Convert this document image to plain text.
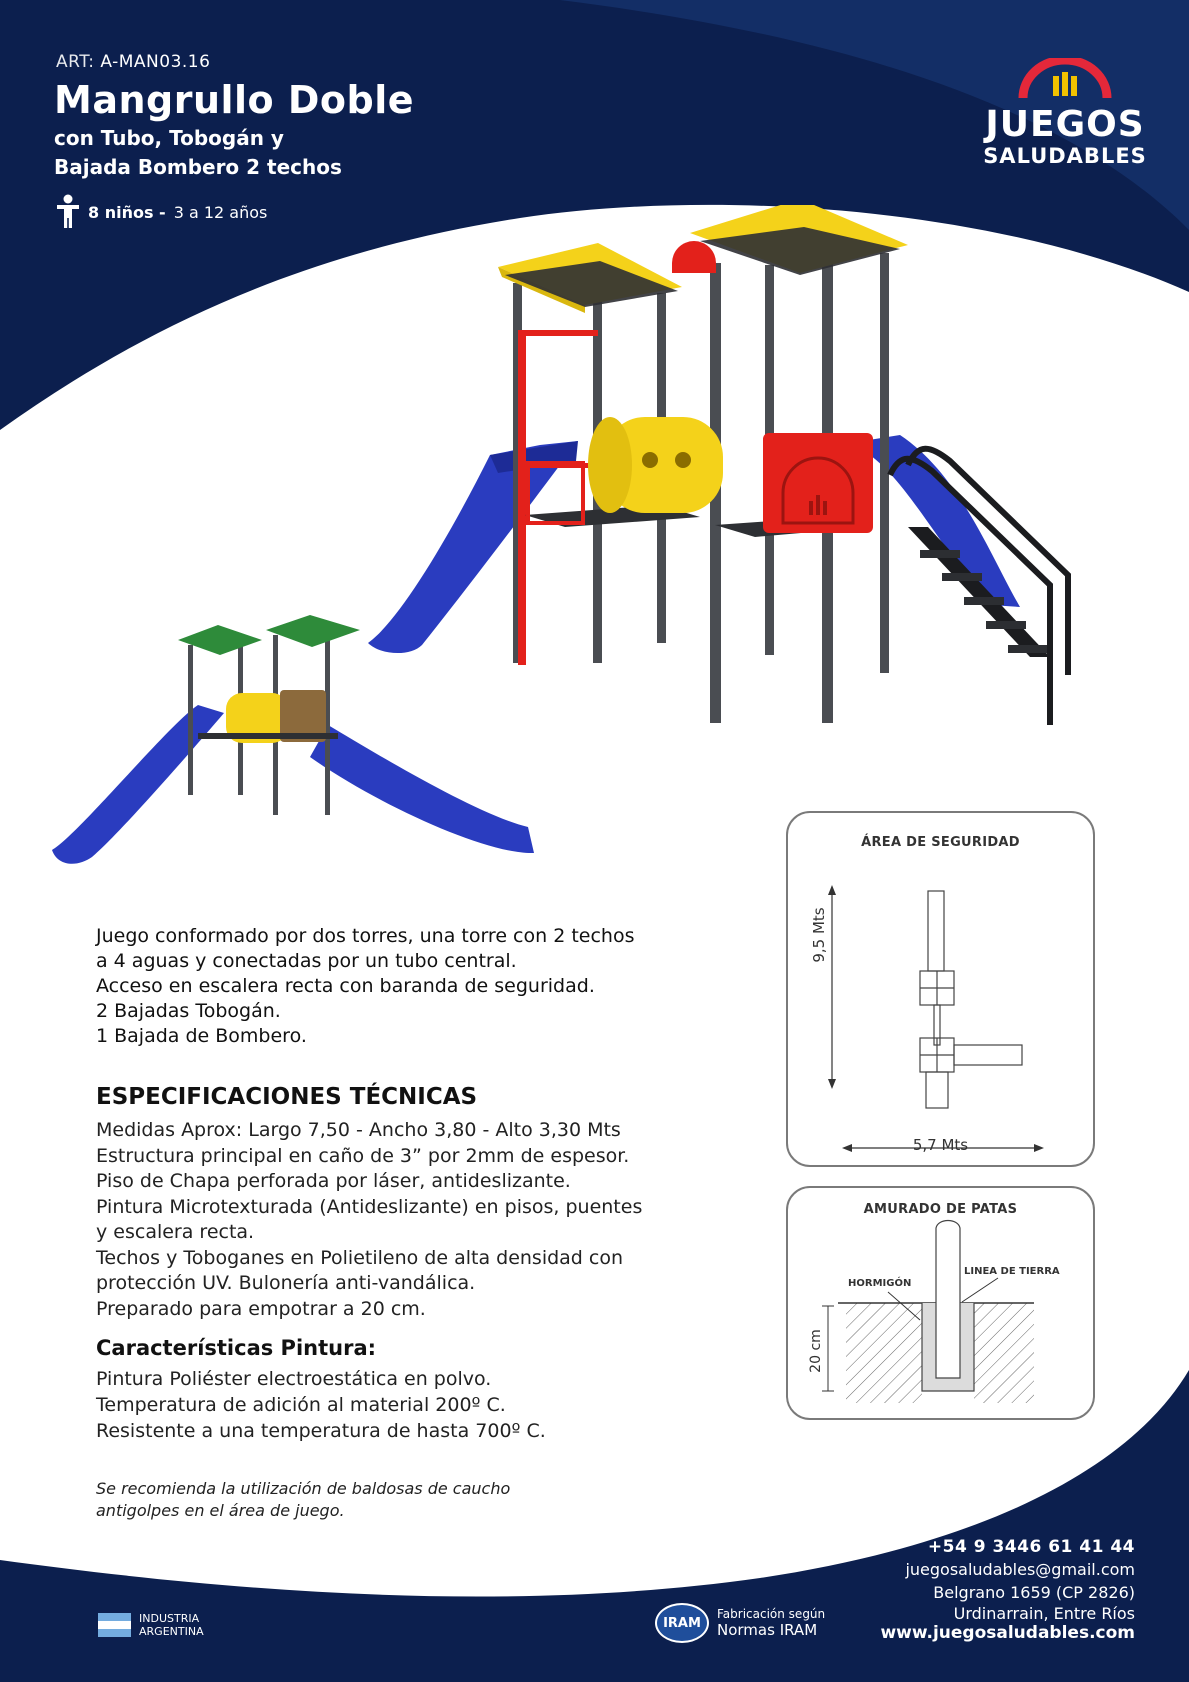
ART: A-MAN03.16
Mangrullo Doble
con Tubo, Tobogán y
Bajada Bombero 2 techos
8 niños - 3 a 12 años
JUEGOS
SALUDABLES
Juego conformado por dos torres, una torre con 2 techos
a 4 aguas y conectadas por un tubo central.
Acceso en escalera recta con baranda de seguridad.
2 Bajadas Tobogán.
1 Bajada de Bombero.
ESPECIFICACIONES TÉCNICAS
Medidas Aprox: Largo 7,50 - Ancho 3,80 - Alto 3,30 Mts
Estructura principal en caño de 3” por 2mm de espesor.
Piso de Chapa perforada por láser, antideslizante.
Pintura Microtexturada (Antideslizante) en pisos, puentes
y escalera recta.
Techos y Toboganes en Polietileno de alta densidad con
protección UV. Bulonería anti-vandálica.
Preparado para empotrar a 20 cm.
Características Pintura:
Pintura Poliéster electroestática en polvo.
Temperatura de adición al material 200º C.
Resistente a una temperatura de hasta 700º C.
Se recomienda la utilización de baldosas de caucho
antigolpes en el área de juego.
ÁREA DE SEGURIDAD
9,5 Mts
5,7 Mts
AMURADO DE PATAS
HORMIGÓN
LINEA DE TIERRA
20 cm
+54 9 3446 61 41 44
juegosaludables@gmail.com
Belgrano 1659 (CP 2826)
Urdinarrain, Entre Ríos
www.juegosaludables.com
INDUSTRIA
ARGENTINA
IRAM
Fabricación según
Normas IRAM
